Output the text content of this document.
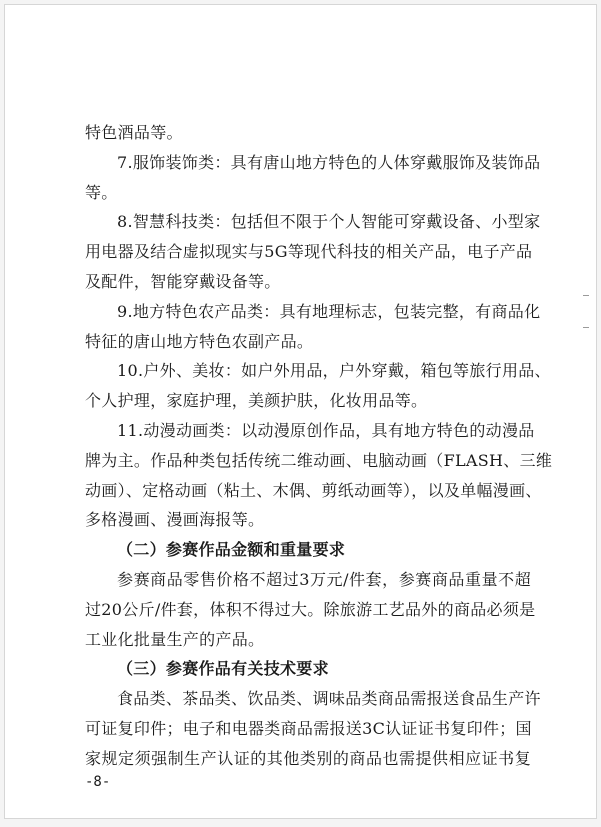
特色酒品等。
7.服饰装饰类：具有唐山地方特色的人体穿戴服饰及装饰品
等。
8.智慧科技类：包括但不限于个人智能可穿戴设备、小型家
用电器及结合虚拟现实与5G等现代科技的相关产品，电子产品
及配件，智能穿戴设备等。
9.地方特色农产品类：具有地理标志，包装完整，有商品化
特征的唐山地方特色农副产品。
10.户外、美妆：如户外用品，户外穿戴，箱包等旅行用品、
个人护理，家庭护理，美颜护肤，化妆用品等。
11.动漫动画类：以动漫原创作品，具有地方特色的动漫品
牌为主。作品种类包括传统二维动画、电脑动画（FLASH、三维
动画）、定格动画（粘土、木偶、剪纸动画等），以及单幅漫画、
多格漫画、漫画海报等。
（二）参赛作品金额和重量要求
参赛商品零售价格不超过3万元/件套，参赛商品重量不超
过20公斤/件套，体积不得过大。除旅游工艺品外的商品必须是
工业化批量生产的产品。
（三）参赛作品有关技术要求
食品类、茶品类、饮品类、调味品类商品需报送食品生产许
可证复印件；电子和电器类商品需报送3C认证证书复印件；国
家规定须强制生产认证的其他类别的商品也需提供相应证书复
-8-
